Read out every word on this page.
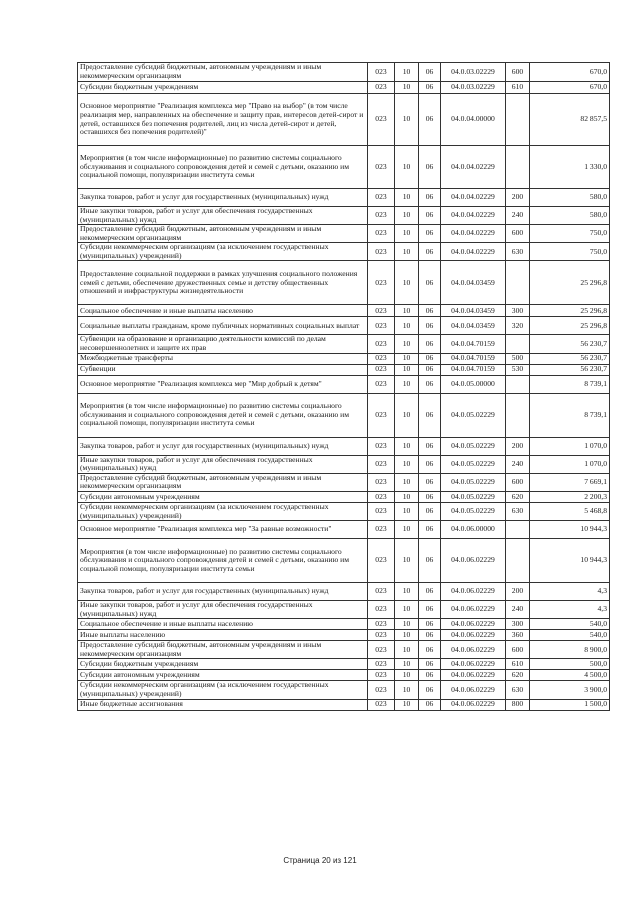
Предоставление субсидий бюджетным, автономным учреждениям и иным некоммерческим организациям	023	10	06	04.0.03.02229	600	670,0
Субсидии бюджетным учреждениям	023	10	06	04.0.03.02229	610	670,0
Основное мероприятие "Реализация комплекса мер "Право на выбор" (в том числе реализация мер, направленных на обеспечение и защиту прав, интересов детей-сирот и детей, оставшихся без попечения родителей, лиц из числа детей-сирот и детей, оставшихся без попечения родителей)"	023	10	06	04.0.04.00000		82 857,5
Мероприятия (в том числе информационные) по развитию системы социального обслуживания и социального сопровождения детей и семей с детьми, оказанию им социальной помощи, популяризации института семьи	023	10	06	04.0.04.02229		1 330,0
Закупка товаров, работ и услуг для государственных (муниципальных) нужд	023	10	06	04.0.04.02229	200	580,0
Иные закупки товаров, работ и услуг для обеспечения государственных (муниципальных) нужд	023	10	06	04.0.04.02229	240	580,0
Предоставление субсидий бюджетным, автономным учреждениям и иным некоммерческим организациям	023	10	06	04.0.04.02229	600	750,0
Субсидии некоммерческим организациям (за исключением государственных (муниципальных) учреждений)	023	10	06	04.0.04.02229	630	750,0
Предоставление социальной поддержки в рамках улучшения социального положения семей с детьми, обеспечение дружественных семье и детству общественных отношений и инфраструктуры жизнедеятельности	023	10	06	04.0.04.03459		25 296,8
Социальное обеспечение и иные выплаты населению	023	10	06	04.0.04.03459	300	25 296,8
Социальные выплаты гражданам, кроме публичных нормативных социальных выплат	023	10	06	04.0.04.03459	320	25 296,8
Субвенции на образование и организацию деятельности комиссий по делам несовершеннолетних и защите их прав	023	10	06	04.0.04.70159		56 230,7
Межбюджетные трансферты	023	10	06	04.0.04.70159	500	56 230,7
Субвенции	023	10	06	04.0.04.70159	530	56 230,7
Основное мероприятие "Реализация комплекса мер "Мир добрый к детям"	023	10	06	04.0.05.00000		8 739,1
Мероприятия (в том числе информационные) по развитию системы социального обслуживания и социального сопровождения детей и семей с детьми, оказанию им социальной помощи, популяризации института семьи	023	10	06	04.0.05.02229		8 739,1
Закупка товаров, работ и услуг для государственных (муниципальных) нужд	023	10	06	04.0.05.02229	200	1 070,0
Иные закупки товаров, работ и услуг для обеспечения государственных (муниципальных) нужд	023	10	06	04.0.05.02229	240	1 070,0
Предоставление субсидий бюджетным, автономным учреждениям и иным некоммерческим организациям	023	10	06	04.0.05.02229	600	7 669,1
Субсидии автономным учреждениям	023	10	06	04.0.05.02229	620	2 200,3
Субсидии некоммерческим организациям (за исключением государственных (муниципальных) учреждений)	023	10	06	04.0.05.02229	630	5 468,8
Основное мероприятие "Реализация комплекса мер "За равные возможности"	023	10	06	04.0.06.00000		10 944,3
Мероприятия (в том числе информационные) по развитию системы социального обслуживания и социального сопровождения детей и семей с детьми, оказанию им социальной помощи, популяризации института семьи	023	10	06	04.0.06.02229		10 944,3
Закупка товаров, работ и услуг для государственных (муниципальных) нужд	023	10	06	04.0.06.02229	200	4,3
Иные закупки товаров, работ и услуг для обеспечения государственных (муниципальных) нужд	023	10	06	04.0.06.02229	240	4,3
Социальное обеспечение и иные выплаты населению	023	10	06	04.0.06.02229	300	540,0
Иные выплаты населению	023	10	06	04.0.06.02229	360	540,0
Предоставление субсидий бюджетным, автономным учреждениям и иным некоммерческим организациям	023	10	06	04.0.06.02229	600	8 900,0
Субсидии бюджетным учреждениям	023	10	06	04.0.06.02229	610	500,0
Субсидии автономным учреждениям	023	10	06	04.0.06.02229	620	4 500,0
Субсидии некоммерческим организациям (за исключением государственных (муниципальных) учреждений)	023	10	06	04.0.06.02229	630	3 900,0
Иные бюджетные ассигнования	023	10	06	04.0.06.02229	800	1 500,0
Страница 20 из 121
